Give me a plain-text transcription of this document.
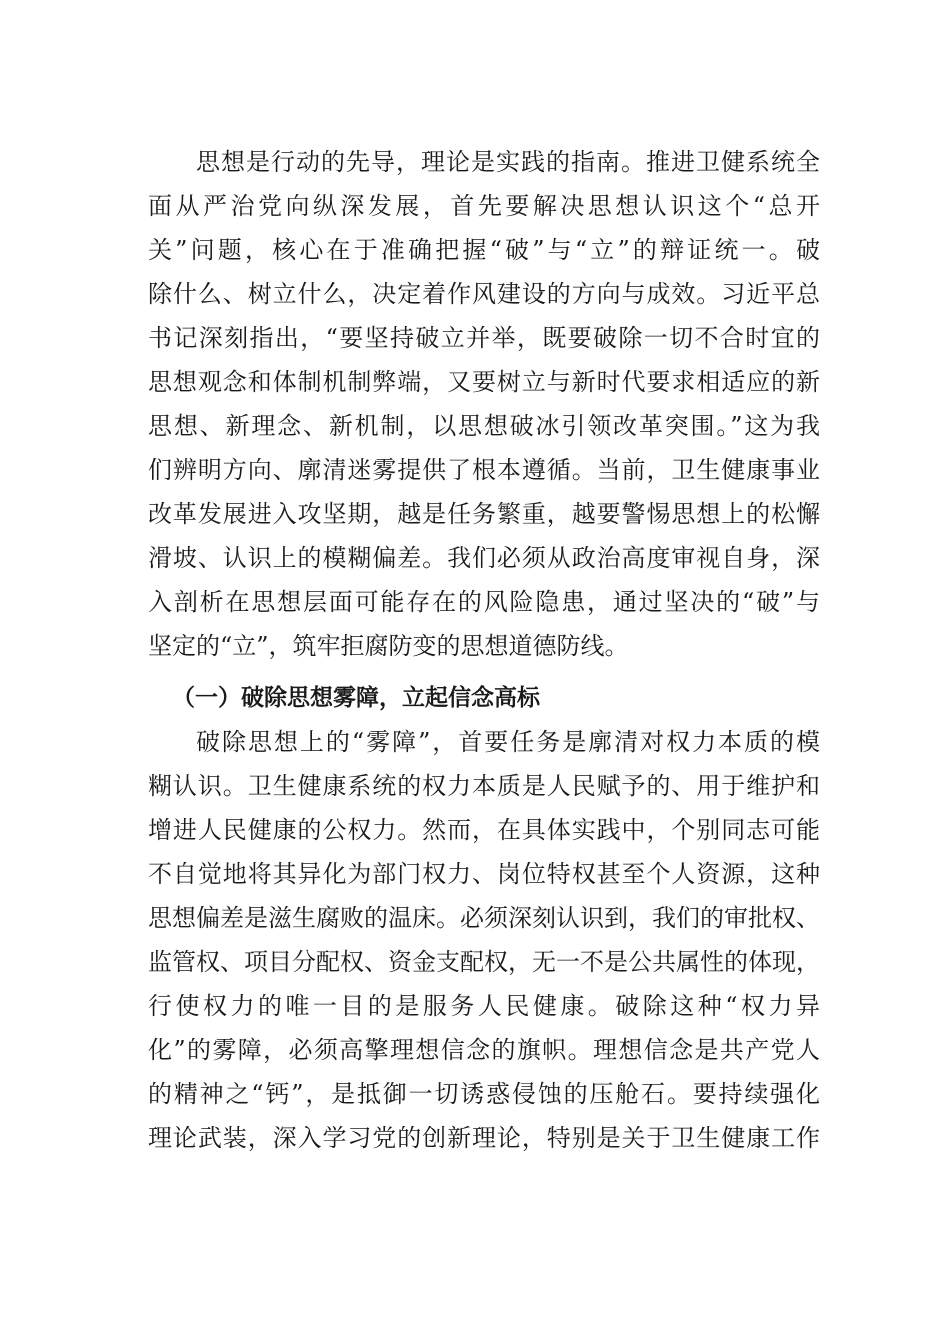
思想是行动的先导，理论是实践的指南。推进卫健系统全
面从严治党向纵深发展，首先要解决思想认识这个“总开
关”问题，核心在于准确把握“破”与“立”的辩证统一。破
除什么、树立什么，决定着作风建设的方向与成效。习近平总
书记深刻指出，“要坚持破立并举，既要破除一切不合时宜的
思想观念和体制机制弊端，又要树立与新时代要求相适应的新
思想、新理念、新机制，以思想破冰引领改革突围。”这为我
们辨明方向、廓清迷雾提供了根本遵循。当前，卫生健康事业
改革发展进入攻坚期，越是任务繁重，越要警惕思想上的松懈
滑坡、认识上的模糊偏差。我们必须从政治高度审视自身，深
入剖析在思想层面可能存在的风险隐患，通过坚决的“破”与
坚定的“立”，筑牢拒腐防变的思想道德防线。
（一）破除思想雾障，立起信念高标
破除思想上的“雾障”，首要任务是廓清对权力本质的模
糊认识。卫生健康系统的权力本质是人民赋予的、用于维护和
增进人民健康的公权力。然而，在具体实践中，个别同志可能
不自觉地将其异化为部门权力、岗位特权甚至个人资源，这种
思想偏差是滋生腐败的温床。必须深刻认识到，我们的审批权、
监管权、项目分配权、资金支配权，无一不是公共属性的体现，
行使权力的唯一目的是服务人民健康。破除这种“权力异
化”的雾障，必须高擎理想信念的旗帜。理想信念是共产党人
的精神之“钙”，是抵御一切诱惑侵蚀的压舱石。要持续强化
理论武装，深入学习党的创新理论，特别是关于卫生健康工作
